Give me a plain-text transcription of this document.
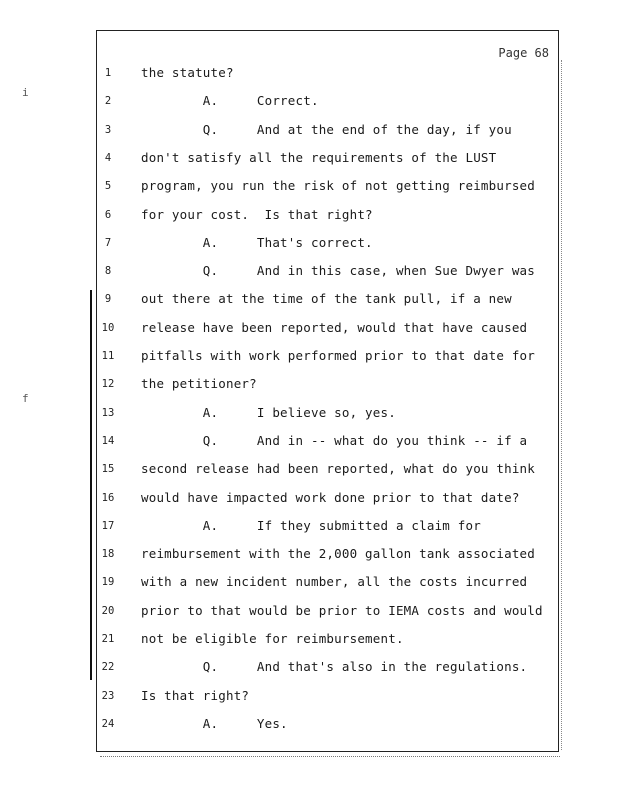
i
f
Page 68
1	the statute?
2	A.     Correct.
3	Q.     And at the end of the day, if you
4	don't satisfy all the requirements of the LUST
5	program, you run the risk of not getting reimbursed
6	for your cost.  Is that right?
7	A.     That's correct.
8	Q.     And in this case, when Sue Dwyer was
9	out there at the time of the tank pull, if a new
10	release have been reported, would that have caused
11	pitfalls with work performed prior to that date for
12	the petitioner?
13	A.     I believe so, yes.
14	Q.     And in -- what do you think -- if a
15	second release had been reported, what do you think
16	would have impacted work done prior to that date?
17	A.     If they submitted a claim for
18	reimbursement with the 2,000 gallon tank associated
19	with a new incident number, all the costs incurred
20	prior to that would be prior to IEMA costs and would
21	not be eligible for reimbursement.
22	Q.     And that's also in the regulations.
23	Is that right?
24	A.     Yes.
